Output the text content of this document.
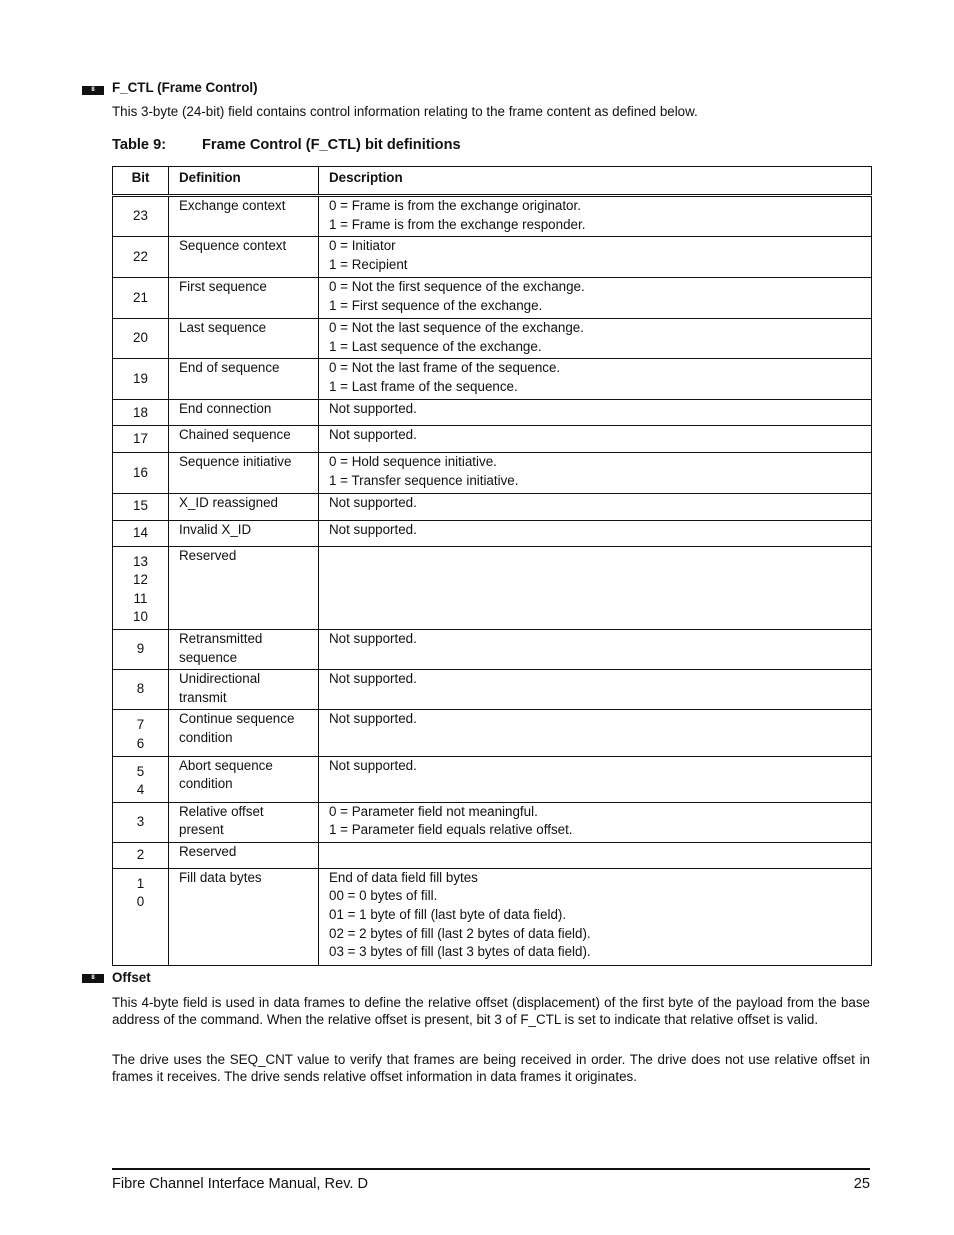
8	F_CTL (Frame Control)

This 3-byte (24-bit) field contains control information relating to the frame content as defined below.

Table 9: Frame Control (F_CTL) bit definitions
Bit	Definition	Description

23	Exchange context	0 = Frame is from the exchange originator.
1 = Frame is from the exchange responder.

22	Sequence context	0 = Initiator
1 = Recipient

21	First sequence	0 = Not the first sequence of the exchange.
1 = First sequence of the exchange.

20	Last sequence	0 = Not the last sequence of the exchange.
1 = Last sequence of the exchange.

19	End of sequence	0 = Not the last frame of the sequence.
1 = Last frame of the sequence.

18	End connection	Not supported.

17	Chained sequence	Not supported.

16	Sequence initiative	0 = Hold sequence initiative.
1 = Transfer sequence initiative.

15	X_ID reassigned	Not supported.

14	Invalid X_ID	Not supported.

13
12
11
10	Reserved	

9	Retransmitted
sequence	Not supported.

8	Unidirectional
transmit	Not supported.

7
6	Continue sequence
condition	Not supported.

5
4	Abort sequence
condition	Not supported.

3	Relative offset
present	0 = Parameter field not meaningful.
1 = Parameter field equals relative offset.

2	Reserved	

1
0	Fill data bytes	End of data field fill bytes
00 = 0 bytes of fill.
01 = 1 byte of fill (last byte of data field).
02 = 2 bytes of fill (last 2 bytes of data field).
03 = 3 bytes of fill (last 3 bytes of data field).
8	Offset

This 4-byte field is used in data frames to define the relative offset (displacement) of the first byte of the payload from the base address of the command. When the relative offset is present, bit 3 of F_CTL is set to indicate that relative offset is valid.

The drive uses the SEQ_CNT value to verify that frames are being received in order. The drive does not use relative offset in frames it receives. The drive sends relative offset information in data frames it originates.

Fibre Channel Interface Manual, Rev. D	25
